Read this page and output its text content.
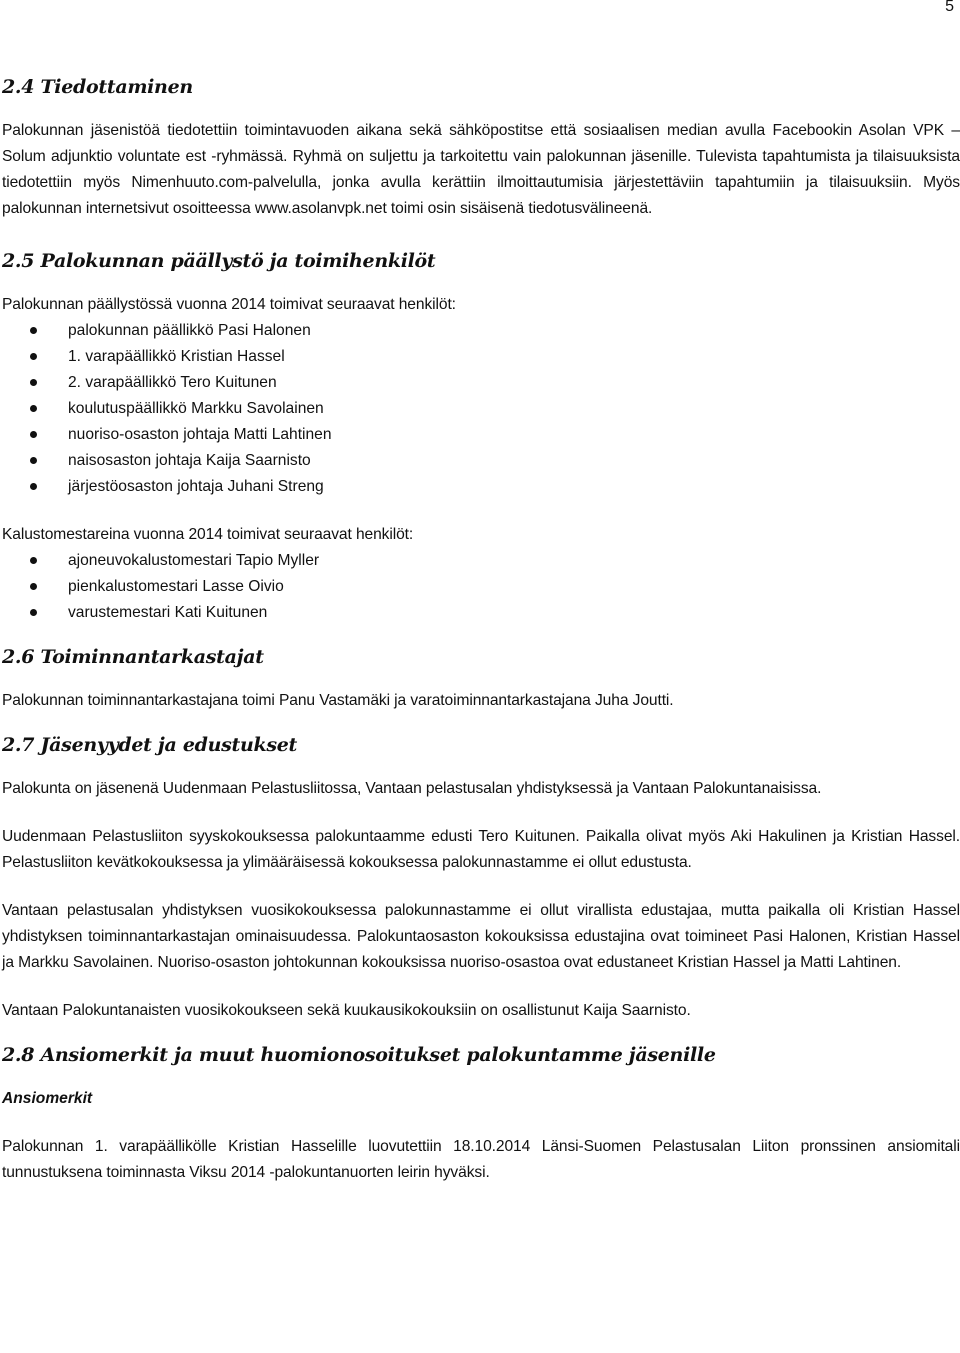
5
2.4 Tiedottaminen

Palokunnan jäsenistöä tiedotettiin toimintavuoden aikana sekä sähköpostitse että sosiaalisen median avulla Facebookin Asolan VPK – Solum adjunktio voluntate est -ryhmässä. Ryhmä on suljettu ja tarkoitettu vain palokunnan jäsenille. Tulevista tapahtumista ja tilaisuuksista tiedotettiin myös Nimenhuuto.com-palvelulla, jonka avulla kerättiin ilmoittautumisia järjestettäviin tapahtumiin ja tilaisuuksiin. Myös palokunnan internetsivut osoitteessa www.asolanvpk.net toimi osin sisäisenä tiedotusvälineenä.

2.5 Palokunnan päällystö ja toimihenkilöt

Palokunnan päällystössä vuonna 2014 toimivat seuraavat henkilöt:

palokunnan päällikkö Pasi Halonen
1. varapäällikkö Kristian Hassel
2. varapäällikkö Tero Kuitunen
koulutuspäällikkö Markku Savolainen
nuoriso-osaston johtaja Matti Lahtinen
naisosaston johtaja Kaija Saarnisto
järjestöosaston johtaja Juhani Streng

Kalustomestareina vuonna 2014 toimivat seuraavat henkilöt:

ajoneuvokalustomestari Tapio Myller
pienkalustomestari Lasse Oivio
varustemestari Kati Kuitunen
2.6 Toiminnantarkastajat

Palokunnan toiminnantarkastajana toimi Panu Vastamäki ja varatoiminnantarkastajana Juha Joutti.

2.7 Jäsenyydet ja edustukset

Palokunta on jäsenenä Uudenmaan Pelastusliitossa, Vantaan pelastusalan yhdistyksessä ja Vantaan Palokuntanaisissa.

Uudenmaan Pelastusliiton syyskokouksessa palokuntaamme edusti Tero Kuitunen. Paikalla olivat myös Aki Hakulinen ja Kristian Hassel. Pelastusliiton kevätkokouksessa ja ylimääräisessä kokouksessa palokunnastamme ei ollut edustusta.

Vantaan pelastusalan yhdistyksen vuosikokouksessa palokunnastamme ei ollut virallista edustajaa, mutta paikalla oli Kristian Hassel yhdistyksen toiminnantarkastajan ominaisuudessa. Palokuntaosaston kokouksissa edustajina ovat toimineet Pasi Halonen, Kristian Hassel ja Markku Savolainen. Nuoriso-osaston johtokunnan kokouksissa nuoriso-osastoa ovat edustaneet Kristian Hassel ja Matti Lahtinen.

Vantaan Palokuntanaisten vuosikokoukseen sekä kuukausikokouksiin on osallistunut Kaija Saarnisto.

2.8 Ansiomerkit ja muut huomionosoitukset palokuntamme jäsenille
Ansiomerkit

Palokunnan 1. varapäällikölle Kristian Hasselille luovutettiin 18.10.2014 Länsi-Suomen Pelastusalan Liiton pronssinen ansiomitali tunnustuksena toiminnasta Viksu 2014 -palokuntanuorten leirin hyväksi.
